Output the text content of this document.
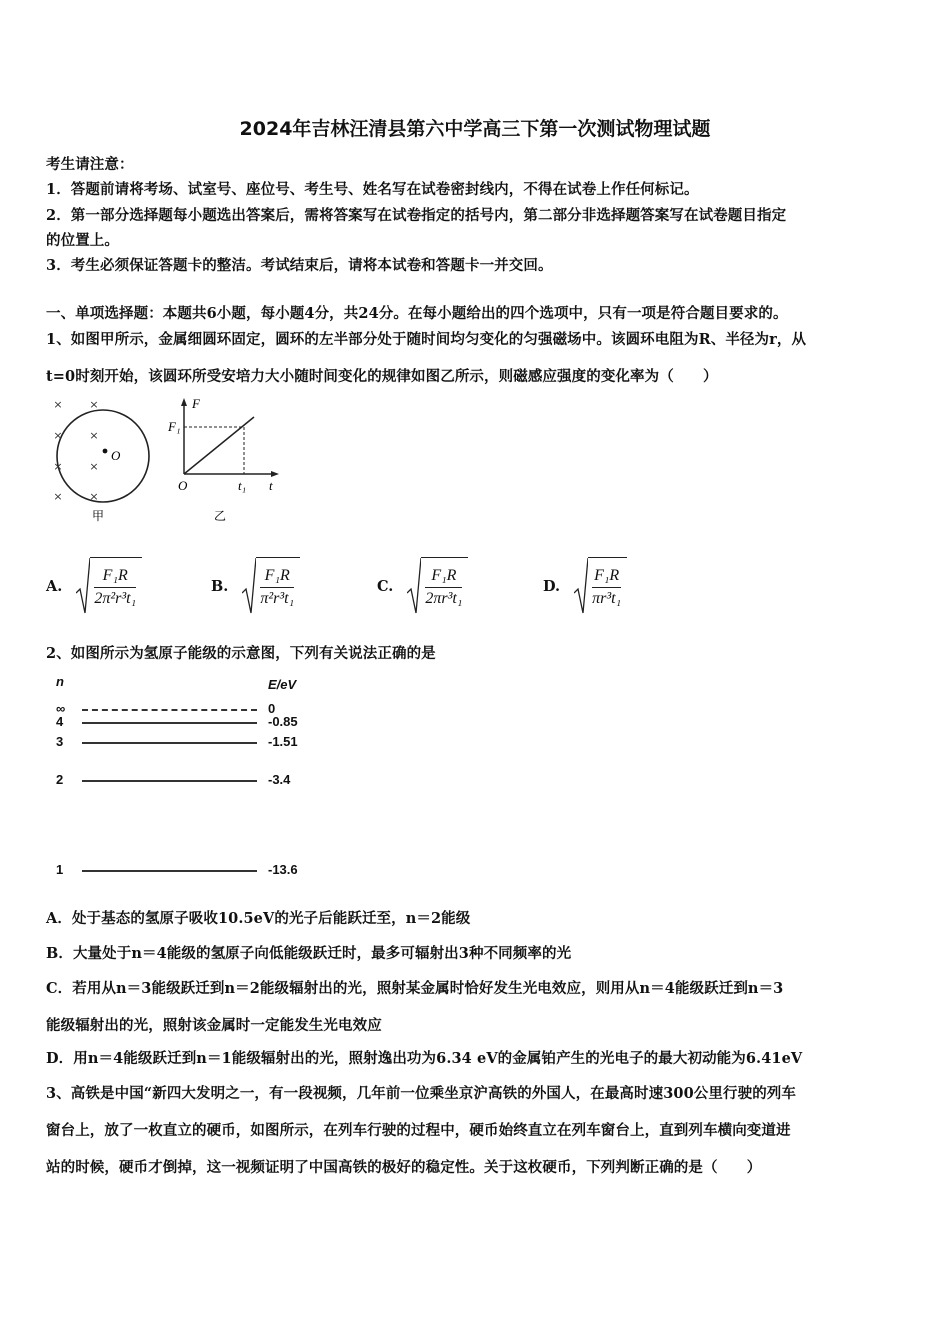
2024年吉林汪清县第六中学高三下第一次测试物理试题
考生请注意：
1．答题前请将考场、试室号、座位号、考生号、姓名写在试卷密封线内，不得在试卷上作任何标记。
2．第一部分选择题每小题选出答案后，需将答案写在试卷指定的括号内，第二部分非选择题答案写在试卷题目指定
的位置上。
3．考生必须保证答题卡的整洁。考试结束后，请将本试卷和答题卡一并交回。
一、单项选择题：本题共6小题，每小题4分，共24分。在每小题给出的四个选项中，只有一项是符合题目要求的。
1、如图甲所示，金属细圆环固定，圆环的左半部分处于随时间均匀变化的匀强磁场中。该圆环电阻为R、半径为r，从
t=0时刻开始，该圆环所受安培力大小随时间变化的规律如图乙所示，则磁感应强度的变化率为（　　）
× ×
× ×
× ×
× ×
O
甲
F
F₁
t
t₁
O
乙
A. $\frac{\text{F₁R}}{\text{2π²r³t₁}}$	B. $\frac{\text{F₁R}}{\text{π²r³t₁}}$	C. $\frac{\text{F₁R}}{\text{2πr³t₁}}$	D. $\frac{\text{F₁R}}{\text{πr³t₁}}$
2、如图所示为氢原子能级的示意图，下列有关说法正确的是
n	E/eV
∞	0
4	-0.85
3	-1.51
2	-3.4
1	-13.6
A．处于基态的氢原子吸收10.5eV的光子后能跃迁至，n＝2能级
B．大量处于n＝4能级的氢原子向低能级跃迁时，最多可辐射出3种不同频率的光
C．若用从n＝3能级跃迁到n＝2能级辐射出的光，照射某金属时恰好发生光电效应，则用从n＝4能级跃迁到n＝3
能级辐射出的光，照射该金属时一定能发生光电效应
D．用n＝4能级跃迁到n＝1能级辐射出的光，照射逸出功为6.34 eV的金属铂产生的光电子的最大初动能为6.41eV
3、高铁是中国“新四大发明之一，有一段视频，几年前一位乘坐京沪高铁的外国人，在最高时速300公里行驶的列车
窗台上，放了一枚直立的硬币，如图所示，在列车行驶的过程中，硬币始终直立在列车窗台上，直到列车横向变道进
站的时候，硬币才倒掉，这一视频证明了中国高铁的极好的稳定性。关于这枚硬币，下列判断正确的是（　　）
